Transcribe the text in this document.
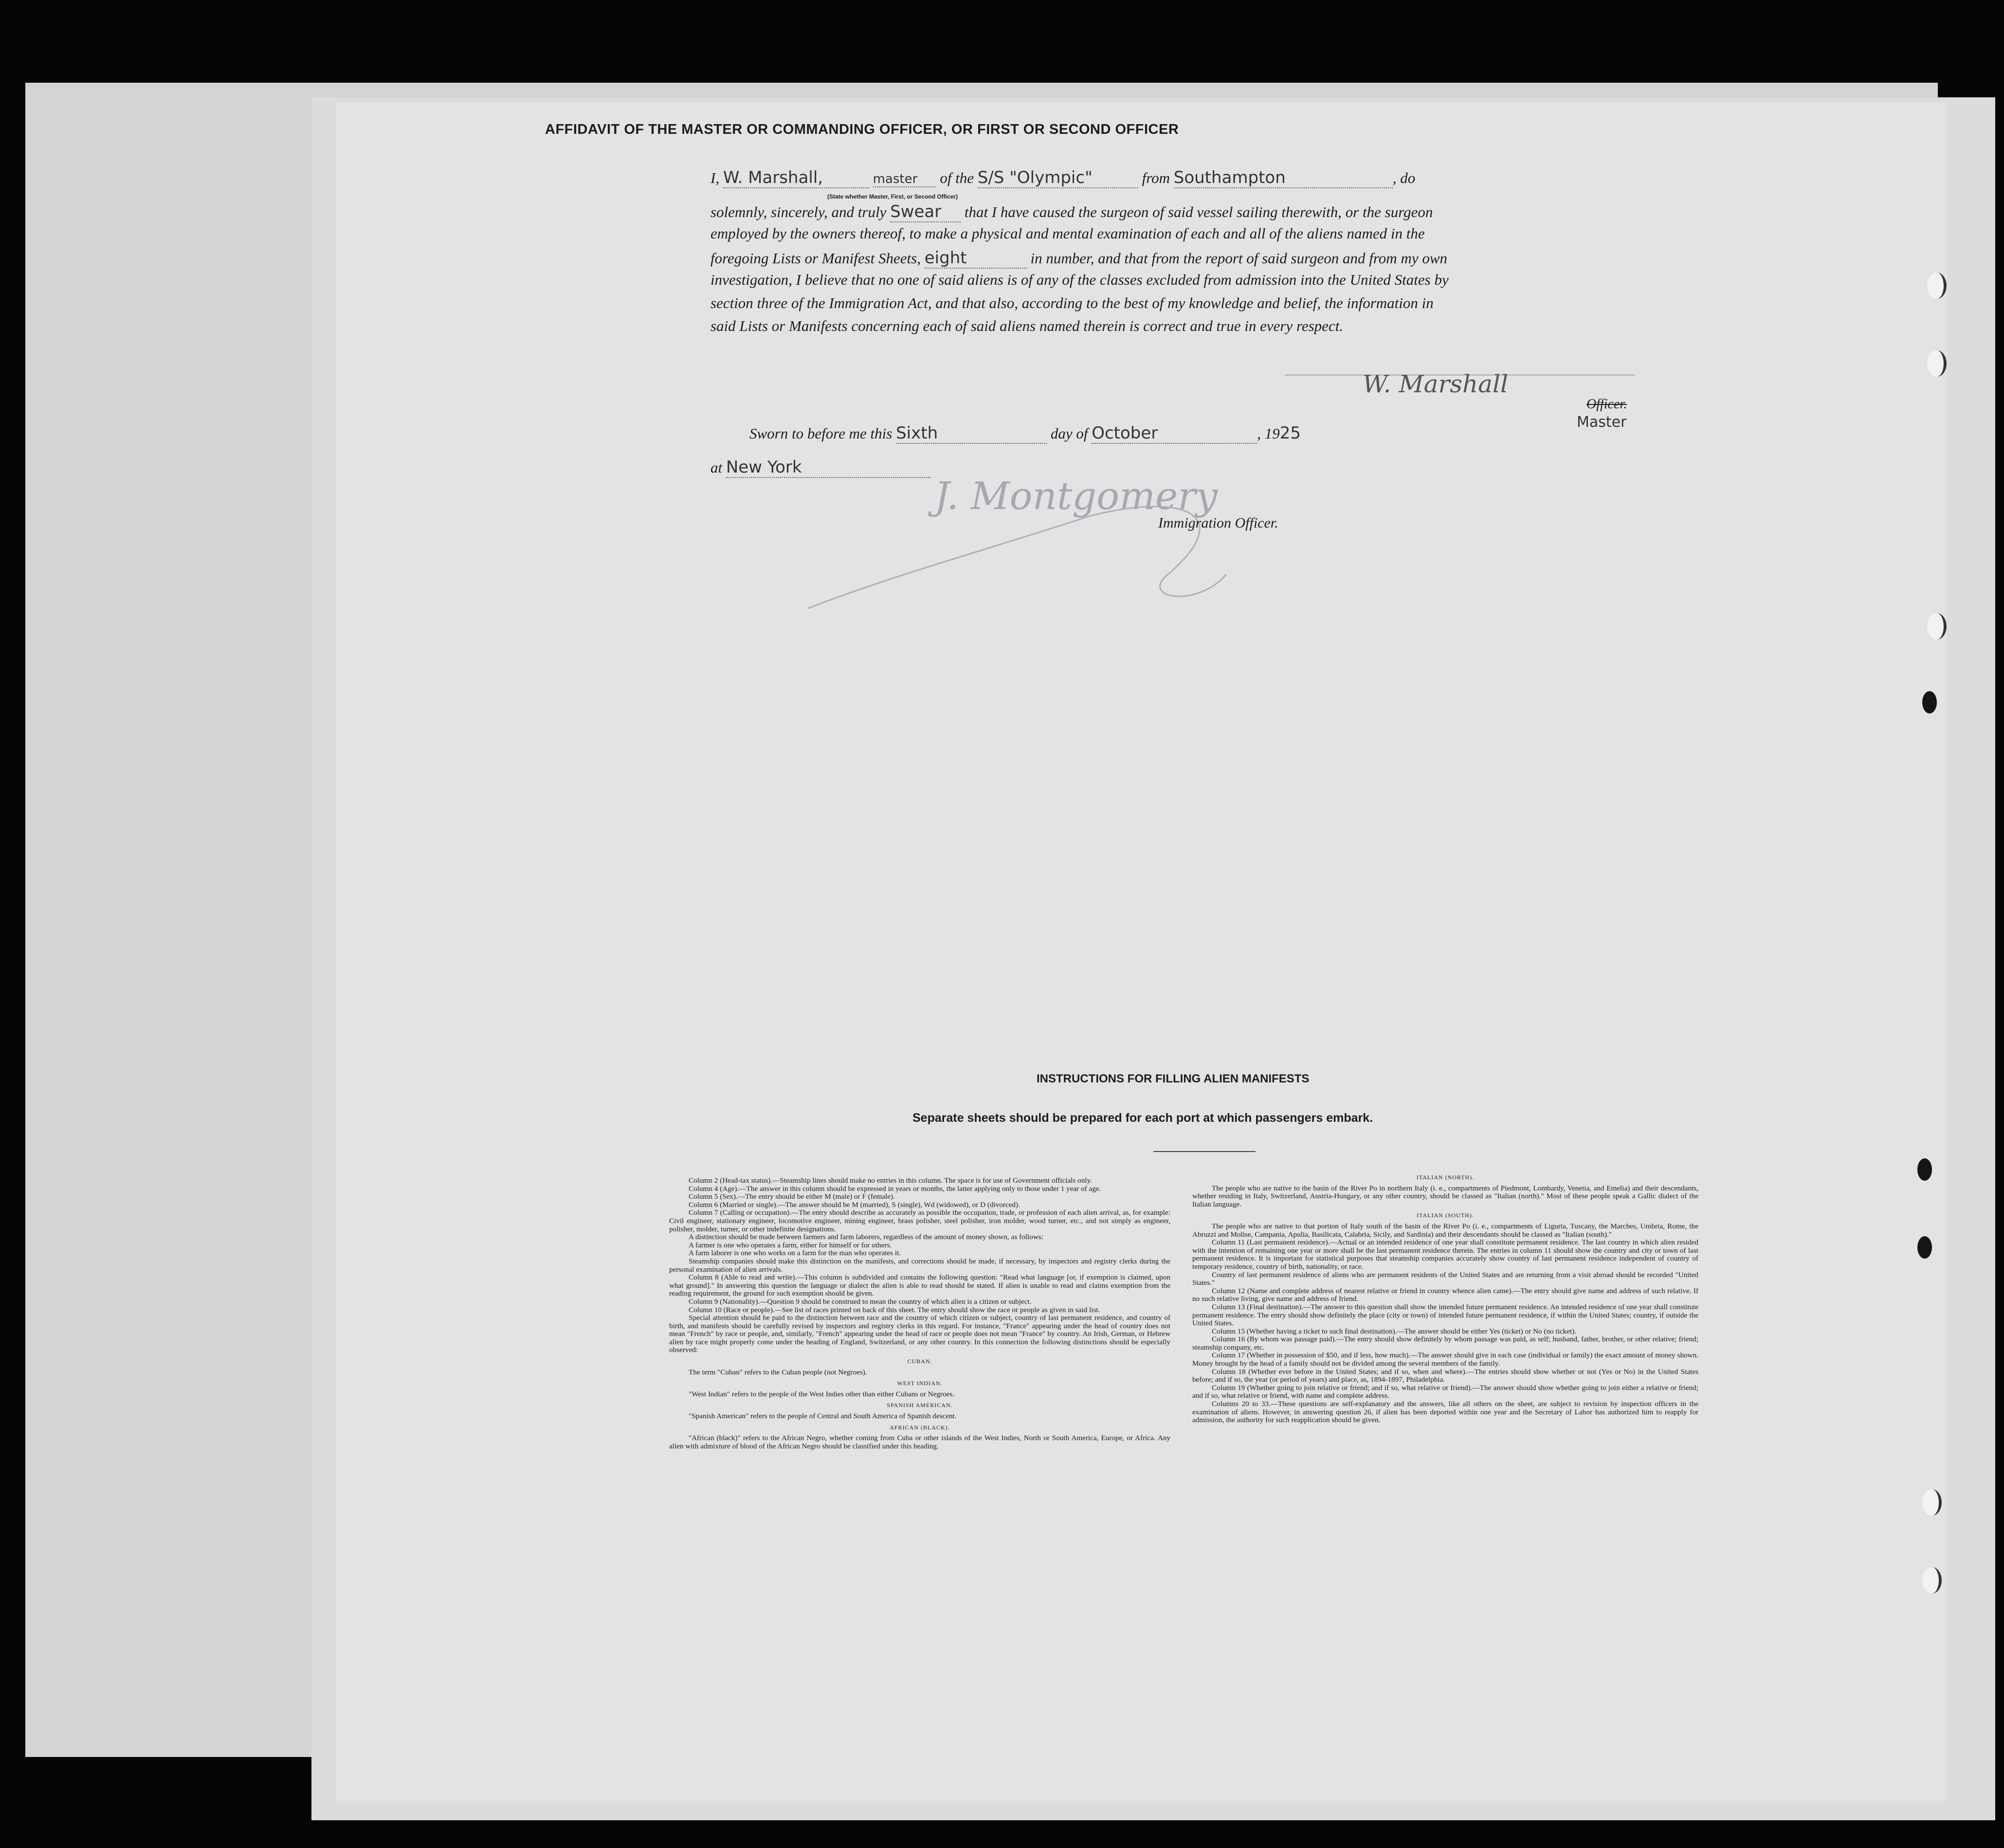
AFFIDAVIT OF THE MASTER OR COMMANDING OFFICER, OR FIRST OR SECOND OFFICER
I, W. Marshall,	master of the S/S "Olympic"	from Southampton	, do
(State whether Master, First, or Second Officer)
solemnly, sincerely, and truly Swear that I have caused the surgeon of said vessel sailing therewith, or the surgeon
employed by the owners thereof, to make a physical and mental examination of each and all of the aliens named in the
foregoing Lists or Manifest Sheets, eight	in number, and that from the report of said surgeon and from my own
investigation, I believe that no one of said aliens is of any of the classes excluded from admission into the United States by
section three of the Immigration Act, and that also, according to the best of my knowledge and belief, the information in
said Lists or Manifests concerning each of said aliens named therein is correct and true in every respect.
W. Marshall
Officer.
Master
Sworn to before me this Sixth	day of October	, 1925
at New York
J. Montgomery
Immigration Officer.
INSTRUCTIONS FOR FILLING ALIEN MANIFESTS
Separate sheets should be prepared for each port at which passengers embark.

Column 2 (Head-tax status).—Steamship lines should make no entries in this column. The space is for use of Government officials only.

Column 4 (Age).—The answer in this column should be expressed in years or months, the latter applying only to those under 1 year of age.

Column 5 (Sex).—The entry should be either M (male) or F (female).

Column 6 (Married or single).—The answer should be M (married), S (single), Wd (widowed), or D (divorced).

Column 7 (Calling or occupation).—The entry should describe as accurately as possible the occupation, trade, or profession of each alien arrival, as, for example: Civil engineer, stationary engineer, locomotive engineer, mining engineer, brass polisher, steel polisher, iron molder, wood turner, etc., and not simply as engineer, polisher, molder, turner, or other indefinite designations.

A distinction should be made between farmers and farm laborers, regardless of the amount of money shown, as follows:

A farmer is one who operates a farm, either for himself or for others.

A farm laborer is one who works on a farm for the man who operates it.

Steamship companies should make this distinction on the manifests, and corrections should be made, if necessary, by inspectors and registry clerks during the personal examination of alien arrivals.

Column 8 (Able to read and write).—This column is subdivided and contains the following question: "Read what language [or, if exemption is claimed, upon what ground]." In answering this question the language or dialect the alien is able to read should be stated. If alien is unable to read and claims exemption from the reading requirement, the ground for such exemption should be given.

Column 9 (Nationality).—Question 9 should be construed to mean the country of which alien is a citizen or subject.

Column 10 (Race or people).—See list of races printed on back of this sheet. The entry should show the race or people as given in said list.

Special attention should be paid to the distinction between race and the country of which citizen or subject, country of last permanent residence, and country of birth, and manifests should be carefully revised by inspectors and registry clerks in this regard. For instance, "France" appearing under the head of country does not mean "French" by race or people, and, similarly, "French" appearing under the head of race or people does not mean "France" by country. An Irish, German, or Hebrew alien by race might properly come under the heading of England, Switzerland, or any other country. In this connection the following distinctions should be especially observed:

CUBAN.

The term "Cuban" refers to the Cuban people (not Negroes).

WEST INDIAN.

"West Indian" refers to the people of the West Indies other than either Cubans or Negroes.

SPANISH AMERICAN.

"Spanish American" refers to the people of Central and South America of Spanish descent.

AFRICAN (BLACK).

"African (black)" refers to the African Negro, whether coming from Cuba or other islands of the West Indies, North or South America, Europe, or Africa. Any alien with admixture of blood of the African Negro should be classified under this heading.

ITALIAN (NORTH).

The people who are native to the basin of the River Po in northern Italy (i. e., compartments of Piedmont, Lombardy, Venetia, and Emelia) and their descendants, whether residing in Italy, Switzerland, Austria-Hungary, or any other country, should be classed as "Italian (north)." Most of these people speak a Gallic dialect of the Italian language.

ITALIAN (SOUTH).

The people who are native to that portion of Italy south of the basin of the River Po (i. e., compartments of Liguria, Tuscany, the Marches, Umbria, Rome, the Abruzzi and Molise, Campania, Apulia, Basilicata, Calabria, Sicily, and Sardinia) and their descendants should be classed as "Italian (south)."

Column 11 (Last permanent residence).—Actual or an intended residence of one year shall constitute permanent residence. The last country in which alien resided with the intention of remaining one year or more shall be the last permanent residence therein. The entries in column 11 should show the country and city or town of last permanent residence. It is important for statistical purposes that steamship companies accurately show country of last permanent residence independent of country of temporary residence, country of birth, nationality, or race.

Country of last permanent residence of aliens who are permanent residents of the United States and are returning from a visit abroad should be recorded "United States."

Column 12 (Name and complete address of nearest relative or friend in country whence alien came).—The entry should give name and address of such relative. If no such relative living, give name and address of friend.

Column 13 (Final destination).—The answer to this question shall show the intended future permanent residence. An intended residence of one year shall constitute permanent residence. The entry should show definitely the place (city or town) of intended future permanent residence, if within the United States; country, if outside the United States.

Column 15 (Whether having a ticket to such final destination).—The answer should be either Yes (ticket) or No (no ticket).

Column 16 (By whom was passage paid).—The entry should show definitely by whom passage was paid, as self; husband, father, brother, or other relative; friend; steamship company, etc.

Column 17 (Whether in possession of $50, and if less, how much).—The answer should give in each case (individual or family) the exact amount of money shown. Money brought by the head of a family should not be divided among the several members of the family.

Column 18 (Whether ever before in the United States; and if so, when and where).—The entries should show whether or not (Yes or No) in the United States before; and if so, the year (or period of years) and place, as, 1894-1897, Philadelphia.

Column 19 (Whether going to join relative or friend; and if so, what relative or friend).—The answer should show whether going to join either a relative or friend; and if so, what relative or friend, with name and complete address.

Columns 20 to 33.—These questions are self-explanatory and the answers, like all others on the sheet, are subject to revision by inspection officers in the examination of aliens. However, in answering question 26, if alien has been deported within one year and the Secretary of Labor has authorized him to reapply for admission, the authority for such reapplication should be given.
